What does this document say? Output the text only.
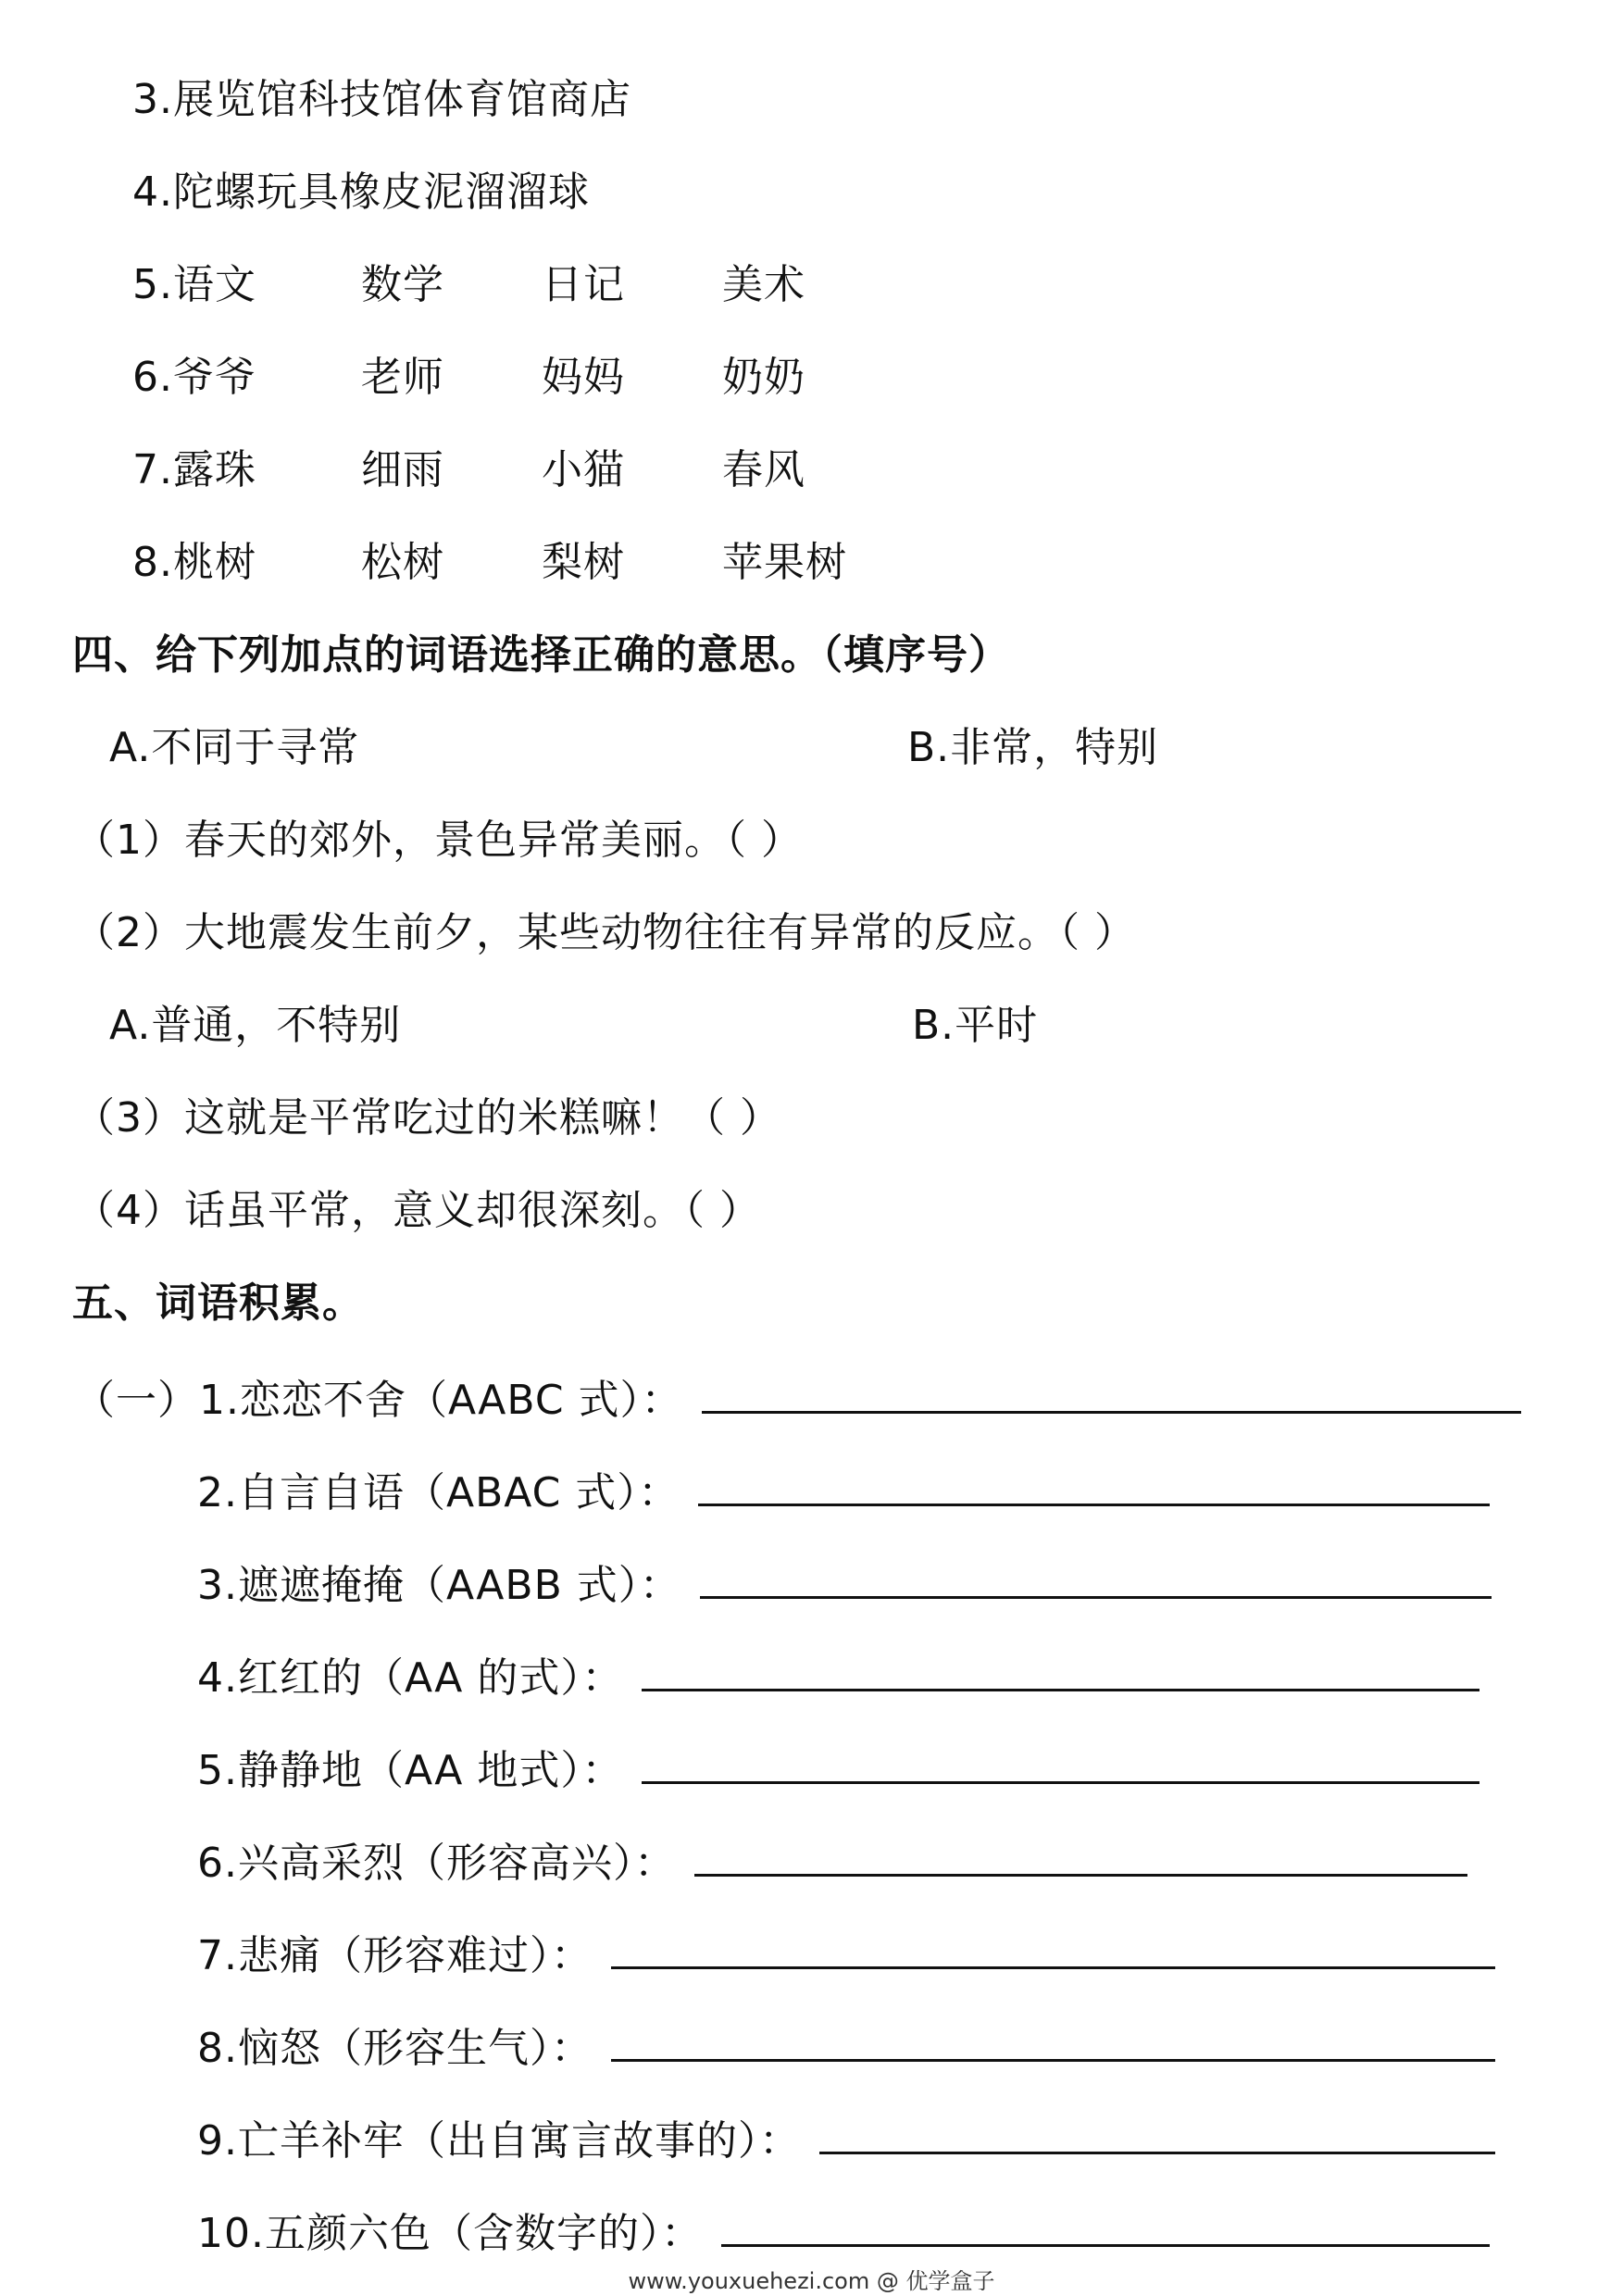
3.展览馆科技馆体育馆商店
4.陀螺玩具橡皮泥溜溜球
5.语文	数学 日记 美术
6.爷爷	老师 妈妈 奶奶
7.露珠	细雨 小猫 春风
8.桃树	松树 梨树 苹果树
四、给下列加点的词语选择正确的意思。（填序号）
A.不同于寻常	B.非常，特别
（1）春天的郊外，景色异常美丽。（ ）
（2）大地震发生前夕，某些动物往往有异常的反应。（ ）
A.普通，不特别	B.平时
（3）这就是平常吃过的米糕嘛！（ ）
（4）话虽平常，意义却很深刻。（ ）
五、词语积累。
（一）1.恋恋不舍（AABC 式）：
2.自言自语（ABAC 式）：
3.遮遮掩掩（AABB 式）：
4.红红的（AA 的式）：
5.静静地（AA 地式）：
6.兴高采烈（形容高兴）：
7.悲痛（形容难过）：
8.恼怒（形容生气）：
9.亡羊补牢（出自寓言故事的）：
10.五颜六色（含数字的）：
www.youxuehezi.com @ 优学盒子
